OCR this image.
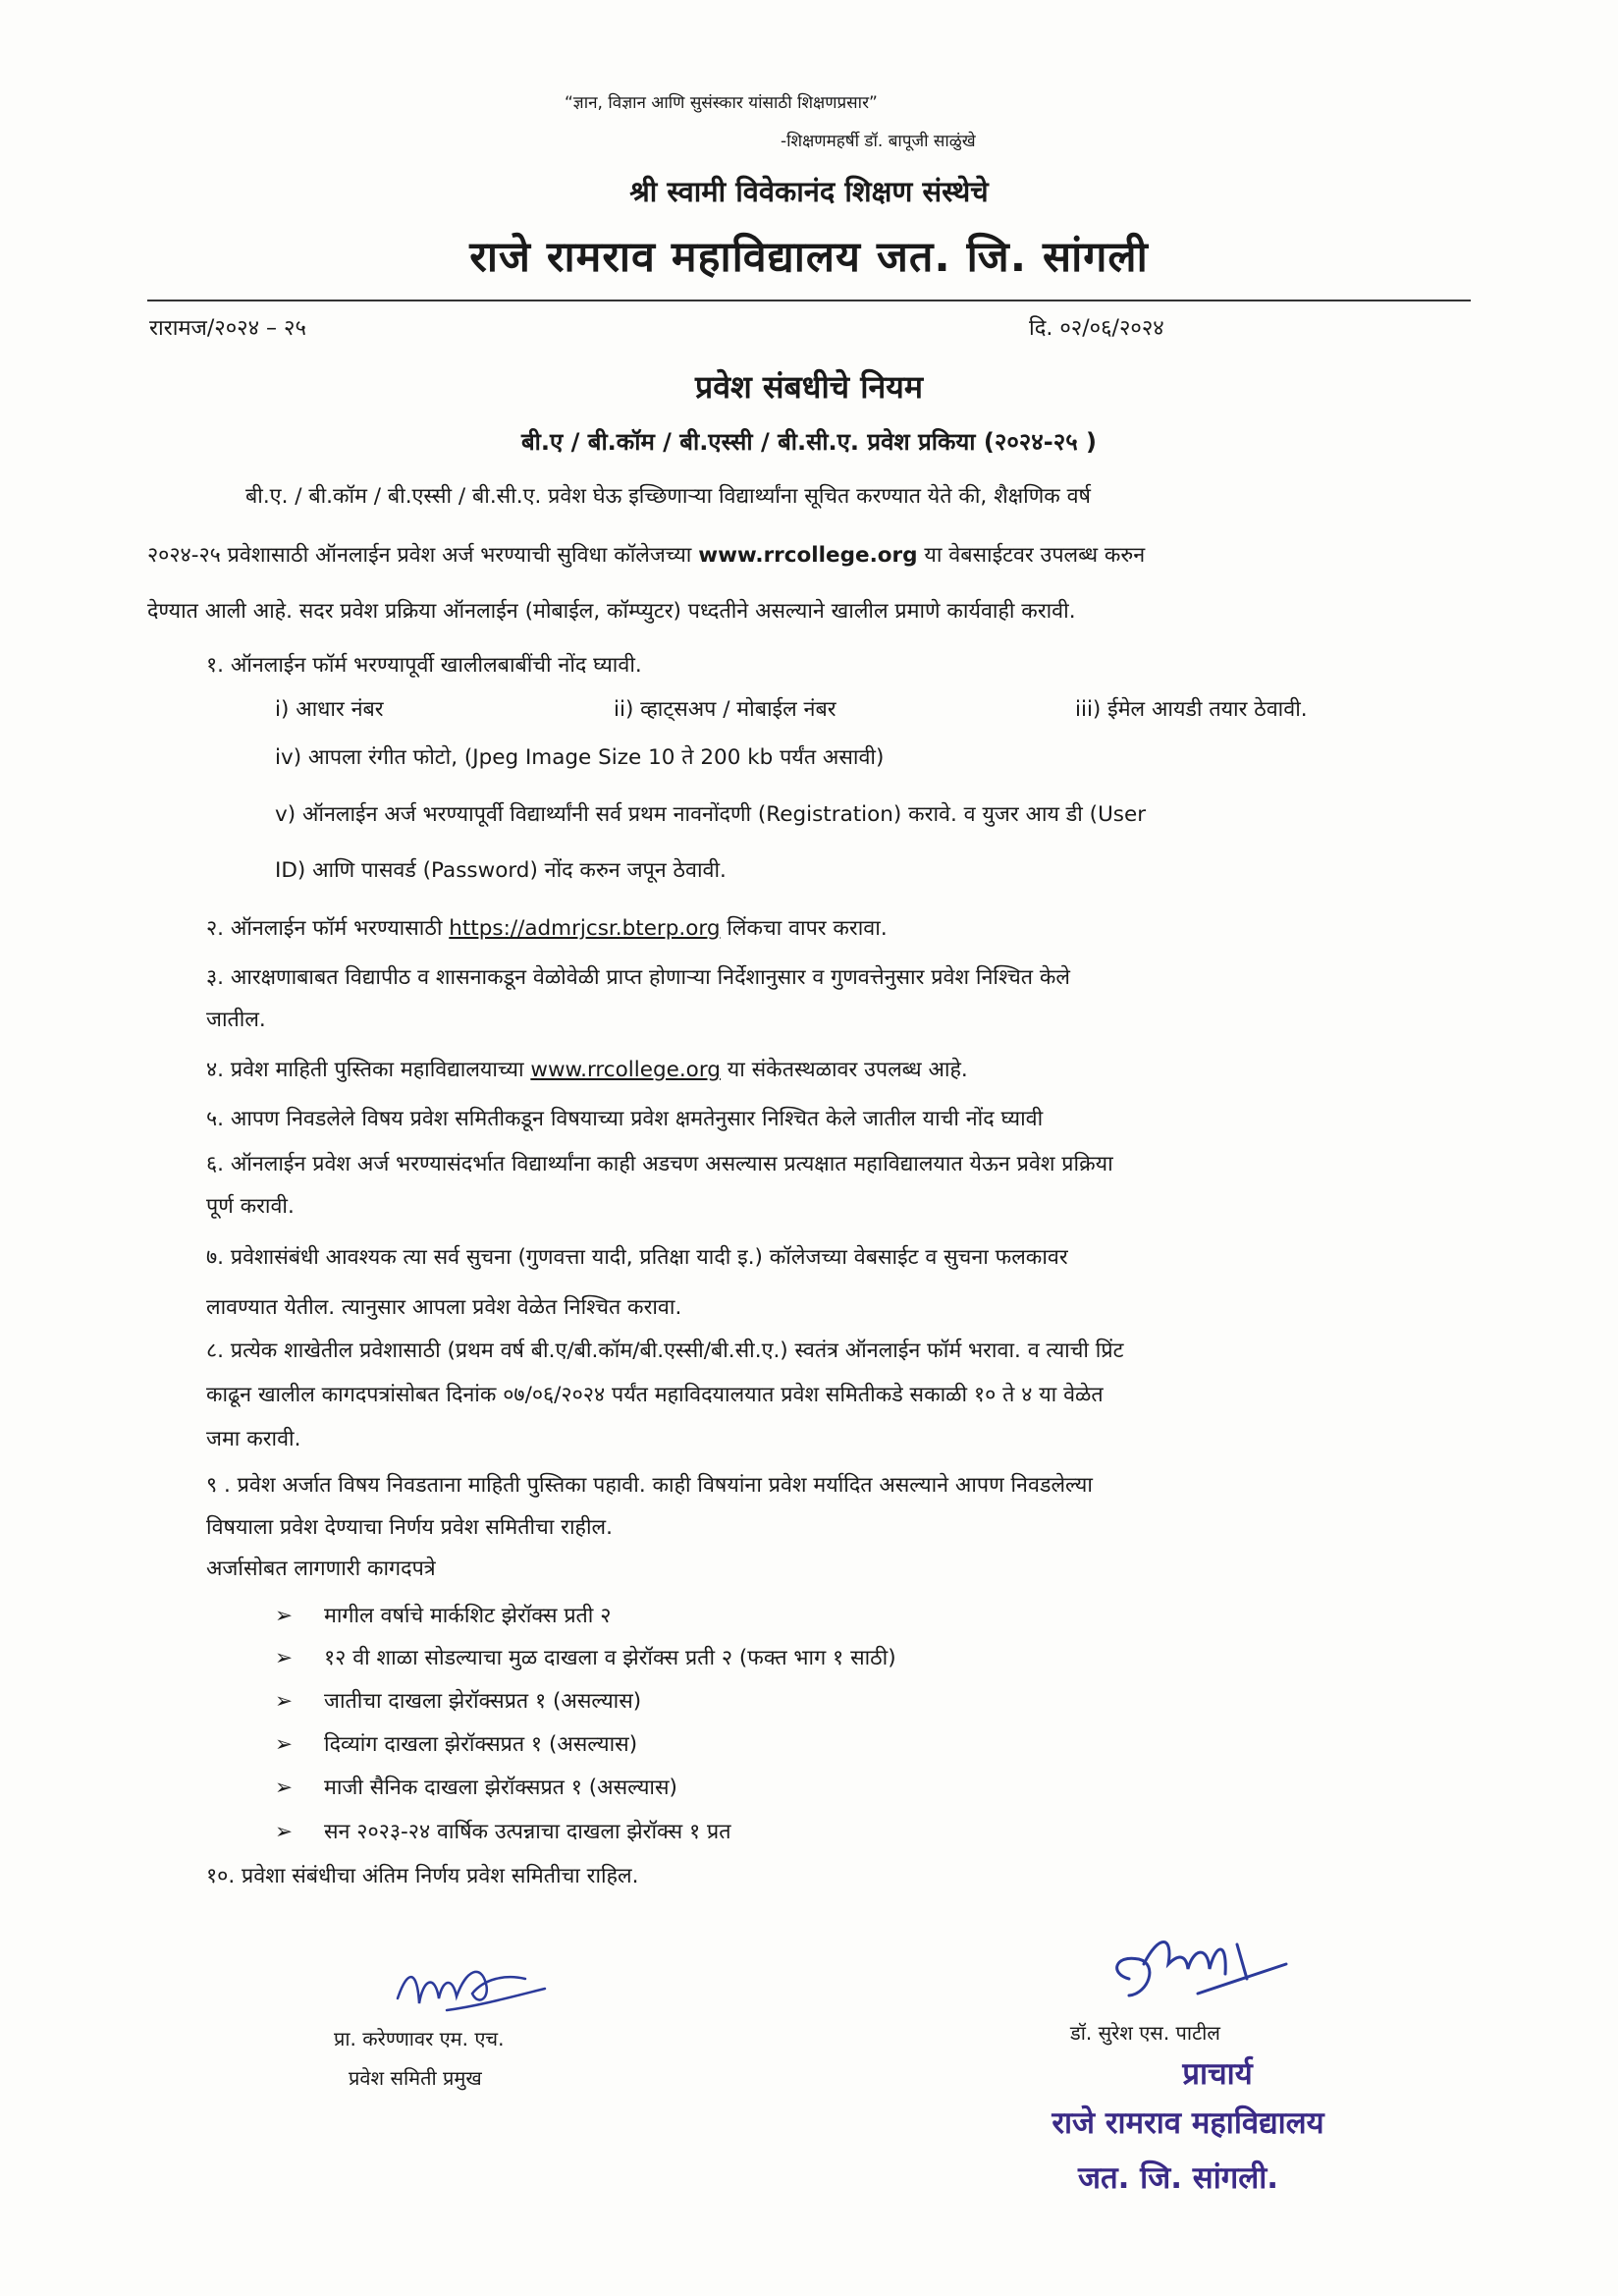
“ज्ञान, विज्ञान आणि सुसंस्कार यांसाठी शिक्षणप्रसार”
-शिक्षणमहर्षी डॉ. बापूजी साळुंखे
श्री स्वामी विवेकानंद शिक्षण संस्थेचे
राजे रामराव महाविद्यालय जत. जि. सांगली
रारामज/२०२४ – २५	दि. ०२/०६/२०२४
प्रवेश संबधीचे नियम
बी.ए / बी.कॉम / बी.एस्सी / बी.सी.ए. प्रवेश प्रकिया (२०२४-२५ )
बी.ए. / बी.कॉम / बी.एस्सी / बी.सी.ए. प्रवेश घेऊ इच्छिणाऱ्या विद्यार्थ्यांना सूचित करण्यात येते की, शैक्षणिक वर्ष
२०२४-२५ प्रवेशासाठी ऑनलाईन प्रवेश अर्ज भरण्याची सुविधा कॉलेजच्या www.rrcollege.org या वेबसाईटवर उपलब्ध करुन
देण्यात आली आहे. सदर प्रवेश प्रक्रिया ऑनलाईन (मोबाईल, कॉम्प्युटर) पध्दतीने असल्याने खालील प्रमाणे कार्यवाही करावी.
१. ऑनलाईन फॉर्म भरण्यापूर्वी खालीलबाबींची नोंद घ्यावी.
i) आधार नंबर	ii) व्हाट्सअप / मोबाईल नंबर	iii) ईमेल आयडी तयार ठेवावी.
iv) आपला रंगीत फोटो, (Jpeg Image Size 10 ते 200 kb पर्यंत असावी)
v) ऑनलाईन अर्ज भरण्यापूर्वी विद्यार्थ्यांनी सर्व प्रथम नावनोंदणी (Registration) करावे. व युजर आय डी (User
ID) आणि पासवर्ड (Password) नोंद करुन जपून ठेवावी.
२. ऑनलाईन फॉर्म भरण्यासाठी https://admrjcsr.bterp.org लिंकचा वापर करावा.
३. आरक्षणाबाबत विद्यापीठ व शासनाकडून वेळोवेळी प्राप्त होणाऱ्या निर्देशानुसार व गुणवत्तेनुसार प्रवेश निश्चित केले
जातील.
४. प्रवेश माहिती पुस्तिका महाविद्यालयाच्या www.rrcollege.org या संकेतस्थळावर उपलब्ध आहे.
५. आपण निवडलेले विषय प्रवेश समितीकडून विषयाच्या प्रवेश क्षमतेनुसार निश्चित केले जातील याची नोंद घ्यावी
६. ऑनलाईन प्रवेश अर्ज भरण्यासंदर्भात विद्यार्थ्यांना काही अडचण असल्यास प्रत्यक्षात महाविद्यालयात येऊन प्रवेश प्रक्रिया
पूर्ण करावी.
७. प्रवेशासंबंधी आवश्यक त्या सर्व सुचना (गुणवत्ता यादी, प्रतिक्षा यादी इ.) कॉलेजच्या वेबसाईट व सुचना फलकावर
लावण्यात येतील. त्यानुसार आपला प्रवेश वेळेत निश्चित करावा.
८. प्रत्येक शाखेतील प्रवेशासाठी (प्रथम वर्ष बी.ए/बी.कॉम/बी.एस्सी/बी.सी.ए.) स्वतंत्र ऑनलाईन फॉर्म भरावा. व त्याची प्रिंट
काढून खालील कागदपत्रांसोबत दिनांक ०७/०६/२०२४ पर्यंत महाविदयालयात प्रवेश समितीकडे सकाळी १० ते ४ या वेळेत
जमा करावी.
९ . प्रवेश अर्जात विषय निवडताना माहिती पुस्तिका पहावी. काही विषयांना प्रवेश मर्यादित असल्याने आपण निवडलेल्या
विषयाला प्रवेश देण्याचा निर्णय प्रवेश समितीचा राहील.
अर्जासोबत लागणारी कागदपत्रे
➢ मागील वर्षाचे मार्कशिट झेरॉक्स प्रती २
➢ १२ वी शाळा सोडल्याचा मुळ दाखला व झेरॉक्स प्रती २ (फक्त भाग १ साठी)
➢ जातीचा दाखला झेरॉक्सप्रत १ (असल्यास)
➢ दिव्यांग दाखला झेरॉक्सप्रत १ (असल्यास)
➢ माजी सैनिक दाखला झेरॉक्सप्रत १ (असल्यास)
➢ सन २०२३-२४ वार्षिक उत्पन्नाचा दाखला झेरॉक्स १ प्रत
१०. प्रवेशा संबंधीचा अंतिम निर्णय प्रवेश समितीचा राहिल.
प्रा. करेण्णावर एम. एच.
प्रवेश समिती प्रमुख
डॉ. सुरेश एस. पाटील
प्राचार्य
राजे रामराव महाविद्यालय
जत. जि. सांगली.
